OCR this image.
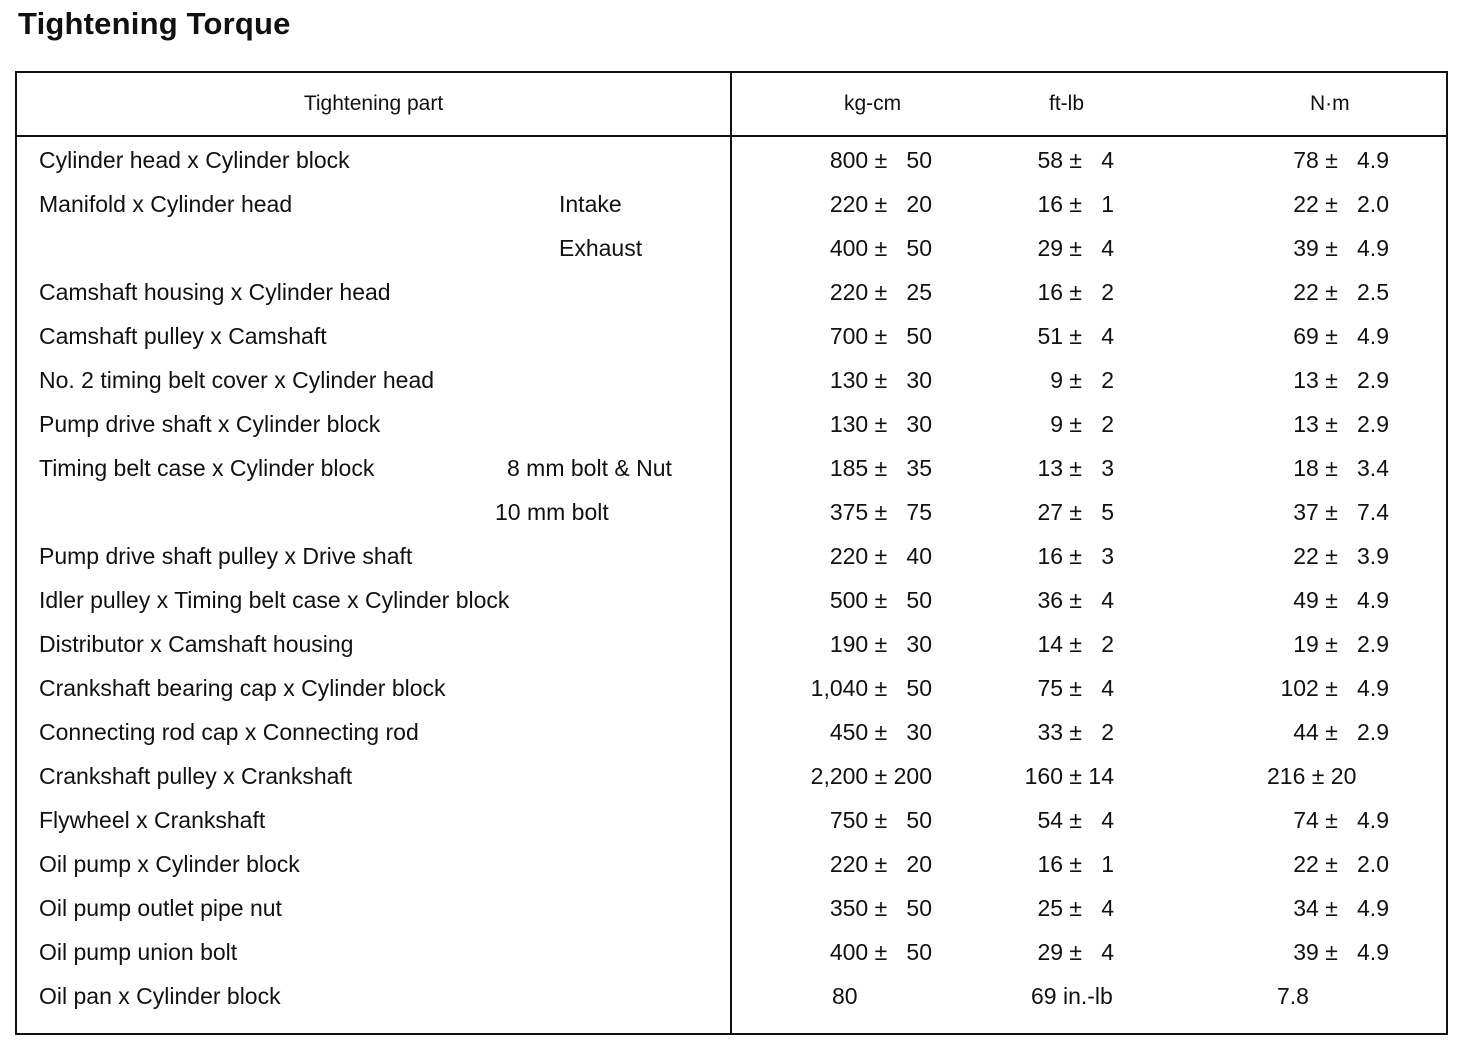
Tightening Torque
Tightening part	kg-cm	ft-lb	N·m
Cylinder head x Cylinder block	800 ±   50	58 ±   4	78 ±   4.9
Manifold x Cylinder head	Intake	220 ±   20	16 ±   1	22 ±   2.0
Exhaust	400 ±   50	29 ±   4	39 ±   4.9
Camshaft housing x Cylinder head	220 ±   25	16 ±   2	22 ±   2.5
Camshaft pulley x Camshaft	700 ±   50	51 ±   4	69 ±   4.9
No. 2 timing belt cover x Cylinder head	130 ±   30	9 ±   2	13 ±   2.9
Pump drive shaft x Cylinder block	130 ±   30	9 ±   2	13 ±   2.9
Timing belt case x Cylinder block	8 mm bolt & Nut	185 ±   35	13 ±   3	18 ±   3.4
10 mm bolt	375 ±   75	27 ±   5	37 ±   7.4
Pump drive shaft pulley x Drive shaft	220 ±   40	16 ±   3	22 ±   3.9
Idler pulley x Timing belt case x Cylinder block	500 ±   50	36 ±   4	49 ±   4.9
Distributor x Camshaft housing	190 ±   30	14 ±   2	19 ±   2.9
Crankshaft bearing cap x Cylinder block	1,040 ±   50	75 ±   4	102 ±   4.9
Connecting rod cap x Connecting rod	450 ±   30	33 ±   2	44 ±   2.9
Crankshaft pulley x Crankshaft	2,200 ± 200	160 ± 14	216 ± 20
Flywheel x Crankshaft	750 ±   50	54 ±   4	74 ±   4.9
Oil pump x Cylinder block	220 ±   20	16 ±   1	22 ±   2.0
Oil pump outlet pipe nut	350 ±   50	25 ±   4	34 ±   4.9
Oil pump union bolt	400 ±   50	29 ±   4	39 ±   4.9
Oil pan x Cylinder block	80	69 in.-lb	7.8
